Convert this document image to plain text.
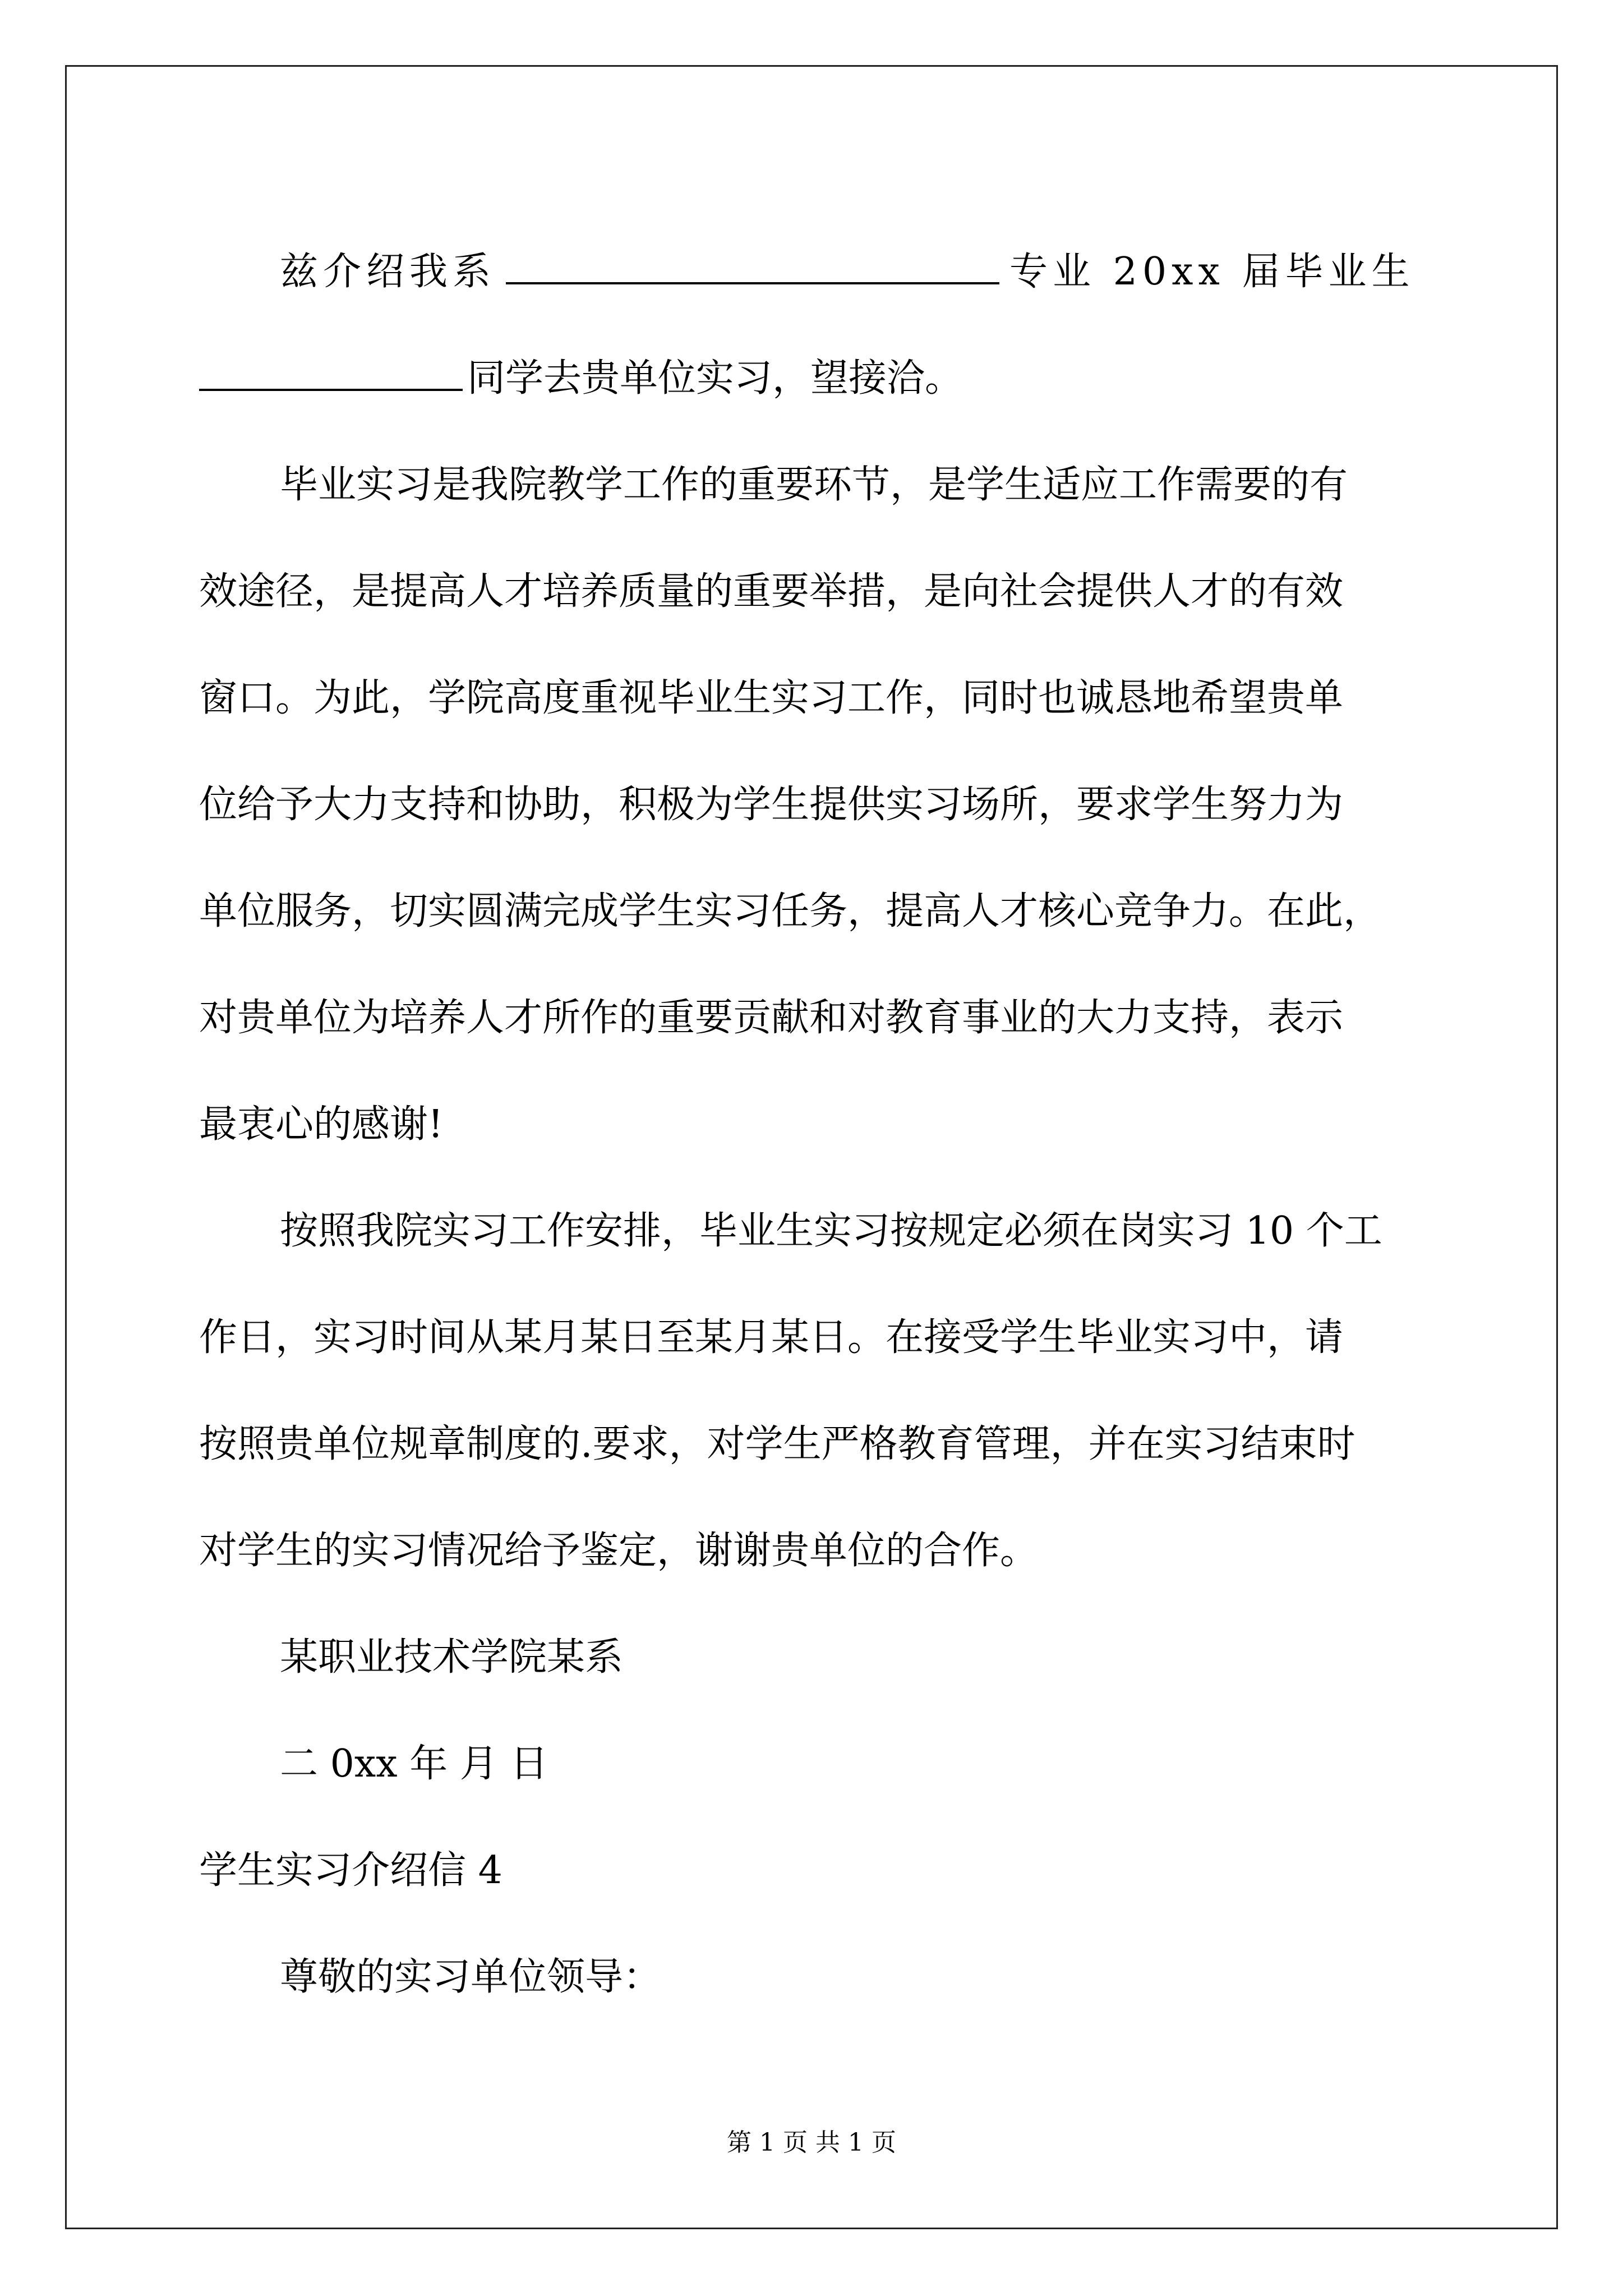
兹介绍我系	专业 20xx 届毕业生
同学去贵单位实习，望接洽。
毕业实习是我院教学工作的重要环节，是学生适应工作需要的有
效途径，是提高人才培养质量的重要举措，是向社会提供人才的有效
窗口。为此，学院高度重视毕业生实习工作，同时也诚恳地希望贵单
位给予大力支持和协助，积极为学生提供实习场所，要求学生努力为
单位服务，切实圆满完成学生实习任务，提高人才核心竞争力。在此，
对贵单位为培养人才所作的重要贡献和对教育事业的大力支持，表示
最衷心的感谢!
按照我院实习工作安排，毕业生实习按规定必须在岗实习 10 个工
作日，实习时间从某月某日至某月某日。在接受学生毕业实习中，请
按照贵单位规章制度的.要求，对学生严格教育管理，并在实习结束时
对学生的实习情况给予鉴定，谢谢贵单位的合作。
某职业技术学院某系
二 0xx 年 月 日
学生实习介绍信 4
尊敬的实习单位领导：
第 1 页 共 1 页
